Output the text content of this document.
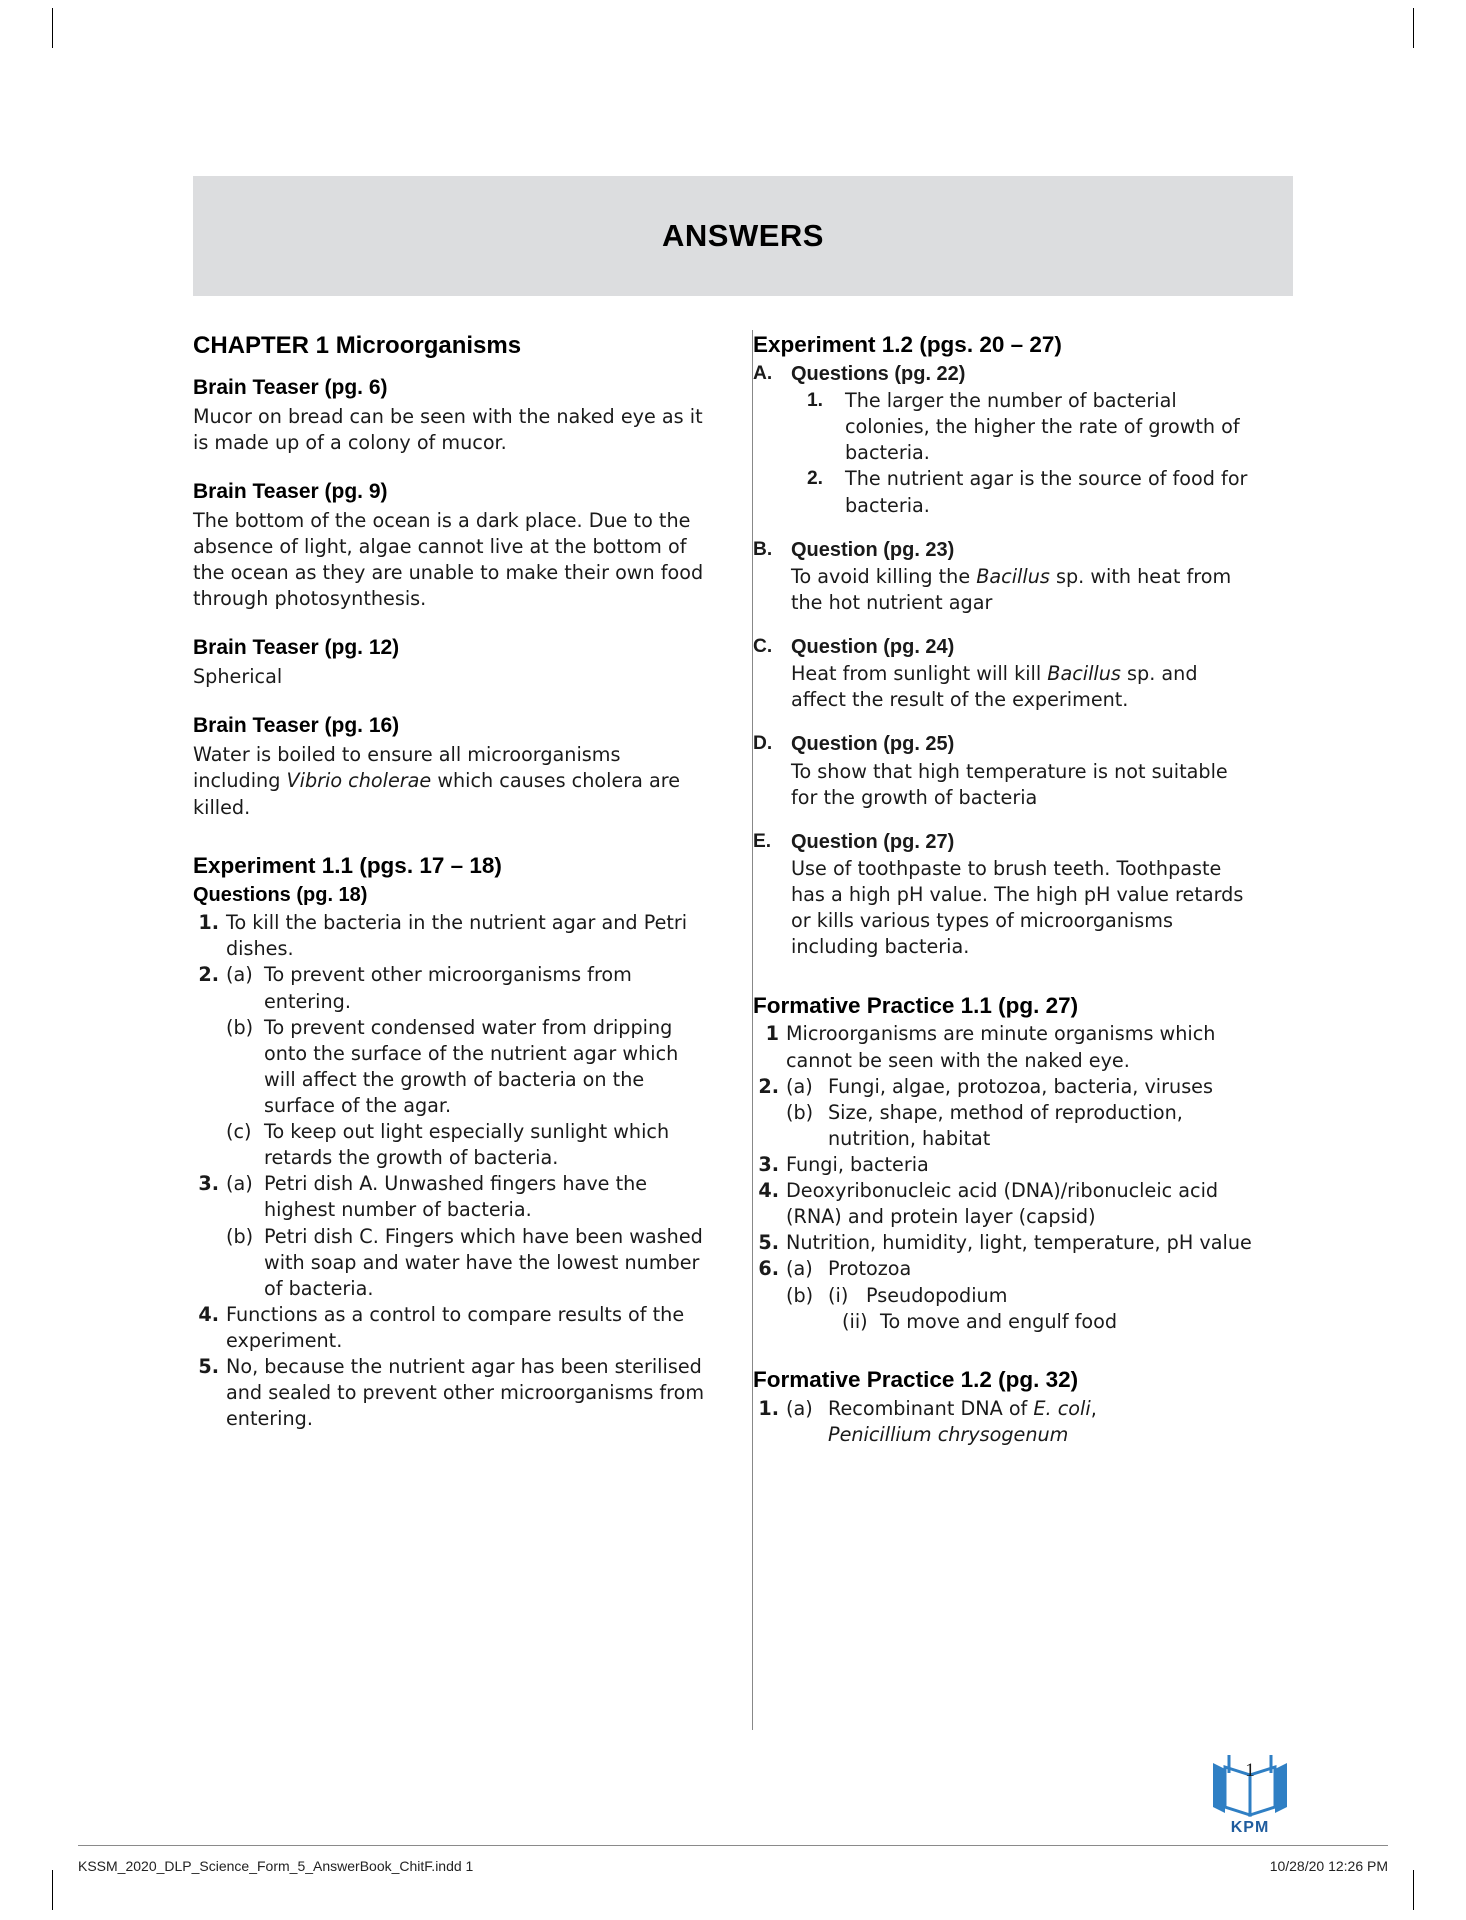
ANSWERS
CHAPTER 1 Microorganisms
Brain Teaser (pg. 6)

Mucor on bread can be seen with the naked eye as it is made up of a colony of mucor.

Brain Teaser (pg. 9)

The bottom of the ocean is a dark place. Due to the absence of light, algae cannot live at the bottom of the ocean as they are unable to make their own food through photosynthesis.

Brain Teaser (pg. 12)

Spherical

Brain Teaser (pg. 16)

Water is boiled to ensure all microorganisms including Vibrio cholerae which causes cholera are killed.

Experiment 1.1 (pgs. 17 – 18)
Questions (pg. 18)
1. To kill the bacteria in the nutrient agar and Petri dishes.
2. (a) To prevent other microorganisms from entering.
(b) To prevent condensed water from dripping onto the surface of the nutrient agar which will affect the growth of bacteria on the surface of the agar.
(c) To keep out light especially sunlight which retards the growth of bacteria.
3. (a) Petri dish A. Unwashed fingers have the highest number of bacteria.
(b) Petri dish C. Fingers which have been washed with soap and water have the lowest number of bacteria.
4. Functions as a control to compare results of the experiment.
5. No, because the nutrient agar has been sterilised and sealed to prevent other microorganisms from entering.
Experiment 1.2 (pgs. 20 – 27)
A. Questions (pg. 22)
1.	The larger the number of bacterial colonies, the higher the rate of growth of bacteria.
2.	The nutrient agar is the source of food for bacteria.
B. Question (pg. 23)
To avoid killing the Bacillus sp. with heat from the hot nutrient agar
C. Question (pg. 24)
Heat from sunlight will kill Bacillus sp. and affect the result of the experiment.
D. Question (pg. 25)
To show that high temperature is not suitable for the growth of bacteria
E. Question (pg. 27)
Use of toothpaste to brush teeth. Toothpaste has a high pH value. The high pH value retards or kills various types of microorganisms including bacteria.
Formative Practice 1.1 (pg. 27)
1 Microorganisms are minute organisms which cannot be seen with the naked eye.
2. (a) Fungi, algae, protozoa, bacteria, viruses
(b) Size, shape, method of reproduction, nutrition, habitat
3. Fungi, bacteria
4. Deoxyribonucleic acid (DNA)/ribonucleic acid (RNA) and protein layer (capsid)
5. Nutrition, humidity, light, temperature, pH value
6. (a) Protozoa
(b) (i) Pseudopodium
(ii) To move and engulf food
Formative Practice 1.2 (pg. 32)
1. (a) Recombinant DNA of E. coli,
Penicillium chrysogenum
1
KPM
KSSM_2020_DLP_Science_Form_5_AnswerBook_ChitF.indd 1	10/28/20 12:26 PM
